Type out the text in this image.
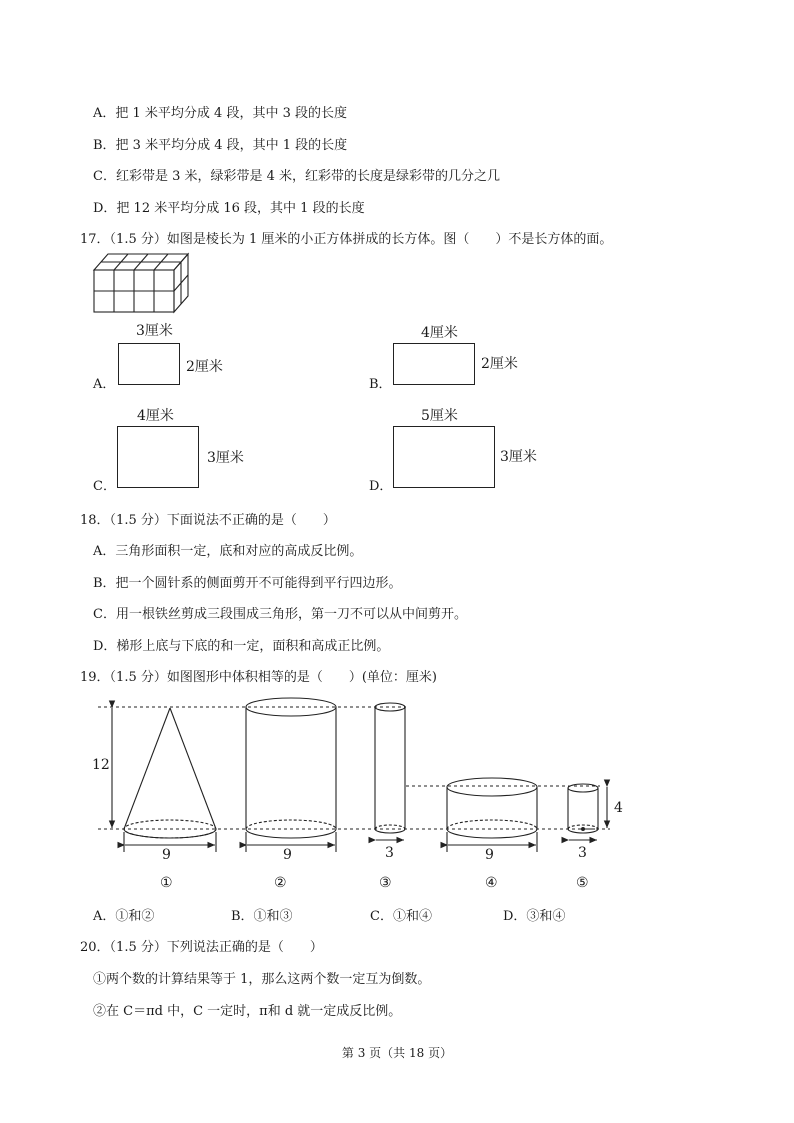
A．把 1 米平均分成 4 段，其中 3 段的长度
B．把 3 米平均分成 4 段，其中 1 段的长度
C．红彩带是 3 米，绿彩带是 4 米，红彩带的长度是绿彩带的几分之几
D．把 12 米平均分成 16 段，其中 1 段的长度
17．（1.5 分）如图是棱长为 1 厘米的小正方体拼成的长方体。图（　　）不是长方体的面。
3厘米
2厘米
A．
4厘米
2厘米
B．
4厘米
3厘米
C．
5厘米
3厘米
D．
18．（1.5 分）下面说法不正确的是（　　）
A．三角形面积一定，底和对应的高成反比例。
B．把一个圆针系的侧面剪开不可能得到平行四边形。
C．用一根铁丝剪成三段围成三角形，第一刀不可以从中间剪开。
D．梯形上底与下底的和一定，面积和高成正比例。
19．（1.5 分）如图图形中体积相等的是（　　）(单位：厘米)
12
4
9	9	3	9	3
①	②	③	④	⑤
A．①和②	B．①和③	C．①和④	D．③和④
20．（1.5 分）下列说法正确的是（　　）
①两个数的计算结果等于 1，那么这两个数一定互为倒数。
②在 C＝πd 中，C 一定时，π和 d 就一定成反比例。
第 3 页（共 18 页）
